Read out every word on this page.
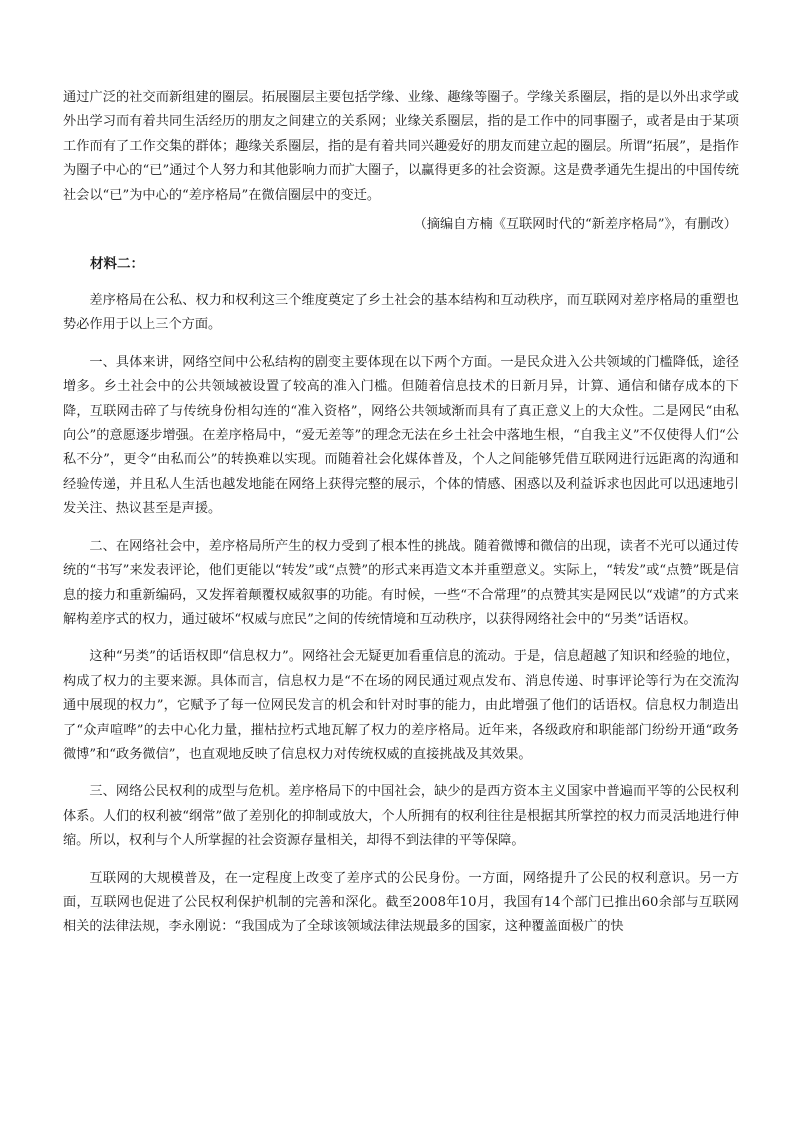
通过广泛的社交而新组建的圈层。拓展圈层主要包括学缘、业缘、趣缘等圈子。学缘关系圈层，指的是以外出求学或外出学习而有着共同生活经历的朋友之间建立的关系网；业缘关系圈层，指的是工作中的同事圈子，或者是由于某项工作而有了工作交集的群体；趣缘关系圈层，指的是有着共同兴趣爱好的朋友而建立起的圈层。所谓“拓展”，是指作为圈子中心的“已”通过个人努力和其他影响力而扩大圈子，以赢得更多的社会资源。这是费孝通先生提出的中国传统社会以“已”为中心的“差序格局”在微信圈层中的变迁。

（摘编自方楠《互联网时代的“新差序格局”》，有删改）

材料二：

差序格局在公私、权力和权利这三个维度奠定了乡土社会的基本结构和互动秩序，而互联网对差序格局的重塑也势必作用于以上三个方面。

一、具体来讲，网络空间中公私结构的剧变主要体现在以下两个方面。一是民众进入公共领域的门槛降低，途径增多。乡土社会中的公共领域被设置了较高的准入门槛。但随着信息技术的日新月异，计算、通信和储存成本的下降，互联网击碎了与传统身份相勾连的“准入资格”，网络公共领域渐而具有了真正意义上的大众性。二是网民“由私向公”的意愿逐步增强。在差序格局中，“爱无差等”的理念无法在乡土社会中落地生根，“自我主义”不仅使得人们“公私不分”，更令“由私而公”的转换难以实现。而随着社会化媒体普及，个人之间能够凭借互联网进行远距离的沟通和经验传递，并且私人生活也越发地能在网络上获得完整的展示，个体的情感、困惑以及利益诉求也因此可以迅速地引发关注、热议甚至是声援。

二、在网络社会中，差序格局所产生的权力受到了根本性的挑战。随着微博和微信的出现，读者不光可以通过传统的“书写”来发表评论，他们更能以“转发”或“点赞”的形式来再造文本并重塑意义。实际上，“转发”或“点赞”既是信息的接力和重新编码，又发挥着颠覆权威叙事的功能。有时候，一些“不合常理”的点赞其实是网民以“戏谑”的方式来解构差序式的权力，通过破坏“权威与庶民”之间的传统情境和互动秩序，以获得网络社会中的“另类”话语权。

这种“另类”的话语权即“信息权力”。网络社会无疑更加看重信息的流动。于是，信息超越了知识和经验的地位，构成了权力的主要来源。具体而言，信息权力是“不在场的网民通过观点发布、消息传递、时事评论等行为在交流沟通中展现的权力”，它赋予了每一位网民发言的机会和针对时事的能力，由此增强了他们的话语权。信息权力制造出了“众声喧哗”的去中心化力量，摧枯拉朽式地瓦解了权力的差序格局。近年来，各级政府和职能部门纷纷开通“政务微博”和“政务微信”，也直观地反映了信息权力对传统权威的直接挑战及其效果。

三、网络公民权利的成型与危机。差序格局下的中国社会，缺少的是西方资本主义国家中普遍而平等的公民权利体系。人们的权利被“纲常”做了差别化的抑制或放大，个人所拥有的权利往往是根据其所掌控的权力而灵活地进行伸缩。所以，权利与个人所掌握的社会资源存量相关，却得不到法律的平等保障。

互联网的大规模普及，在一定程度上改变了差序式的公民身份。一方面，网络提升了公民的权利意识。另一方面，互联网也促进了公民权利保护机制的完善和深化。截至2008年10月，我国有14个部门已推出60余部与互联网相关的法律法规，李永刚说：“我国成为了全球该领域法律法规最多的国家，这种覆盖面极广的快
